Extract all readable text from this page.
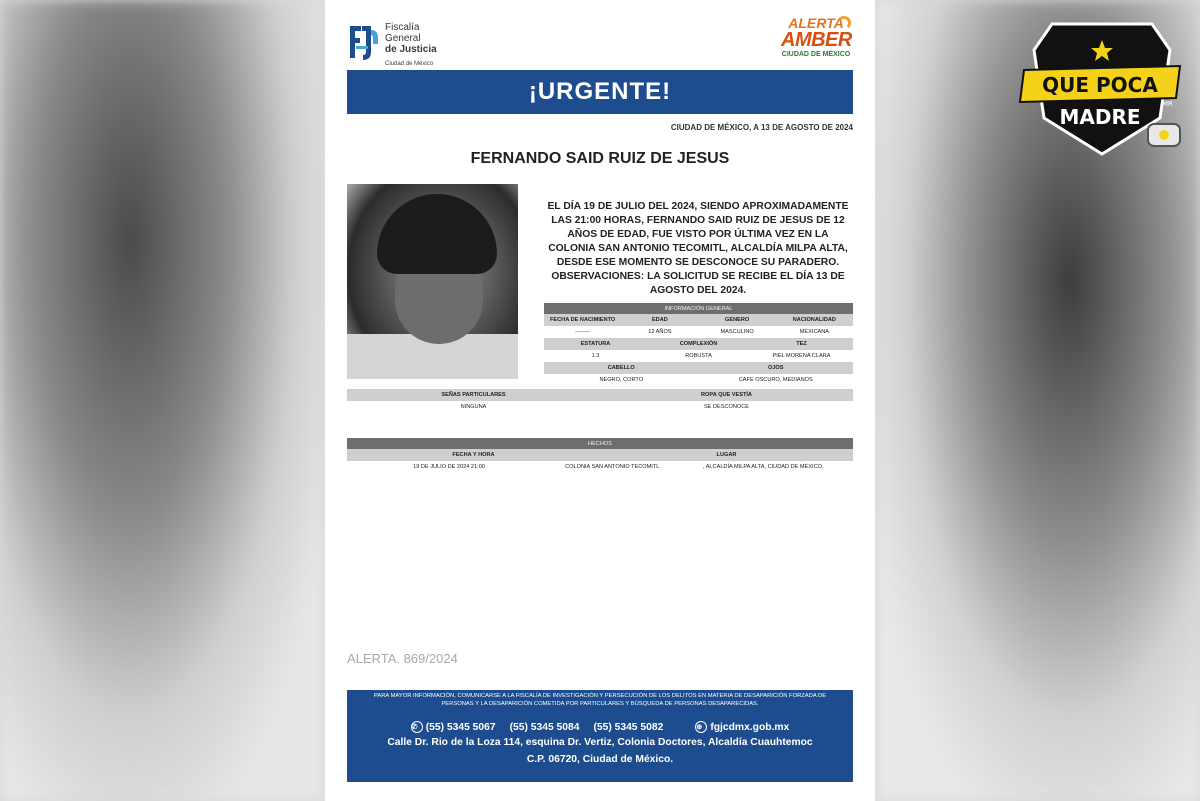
Fiscalía
General
de Justicia
Ciudad de México
ALERTA
AMBER
CIUDAD DE MÉXICO
¡URGENTE!
CIUDAD DE MÉXICO, A 13 DE AGOSTO DE 2024
FERNANDO SAID RUIZ DE JESUS
EL DÍA 19 DE JULIO DEL 2024, SIENDO APROXIMADAMENTE LAS 21:00 HORAS, FERNANDO SAID RUIZ DE JESUS DE 12 AÑOS DE EDAD, FUE VISTO POR ÚLTIMA VEZ EN LA COLONIA SAN ANTONIO TECOMITL, ALCALDÍA MILPA ALTA, DESDE ESE MOMENTO SE DESCONOCE SU PARADERO. OBSERVACIONES: LA SOLICITUD SE RECIBE EL DÍA 13 DE AGOSTO DEL 2024.
INFORMACIÓN GENERAL
FECHA DE NACIMIENTO	EDAD	GENERO	NACIONALIDAD
--------	12 AÑOS	MASCULINO	MEXICANA
ESTATURA	COMPLEXIÓN	TEZ
1.3	ROBUSTA	PIEL MORENA CLARA
CABELLO	OJOS
NEGRO, CORTO	CAFE OSCURO, MEDIANOS
SEÑAS PARTICULARES	ROPA QUE VESTÍA
NINGUNA	SE DESCONOCE
HECHOS
FECHA Y HORA	LUGAR
19 DE JULIO DE 2024 21:00	COLONIA SAN ANTONIO TECOMITL	, ALCALDÍA MILPA ALTA, CIUDAD DE MÉXICO,
ALERTA. 869/2024
PARA MAYOR INFORMACIÓN, COMUNICARSE A LA FISCALÍA DE INVESTIGACIÓN Y PERSECUCIÓN DE LOS DELITOS EN MATERIA DE DESAPARICIÓN FORZADA DE PERSONAS Y LA DESAPARICIÓN COMETIDA POR PARTICULARES Y BÚSQUEDA DE PERSONAS DESAPARECIDAS.
✆ (55) 5345 5067 (55) 5345 5084 (55) 5345 5082	⊕ fgjcdmx.gob.mx
Calle Dr. Rio de la Loza 114, esquina Dr. Vertiz, Colonia Doctores, Alcaldía Cuauhtemoc
C.P. 06720, Ciudad de México.
QUE POCA
MADRE
MR
